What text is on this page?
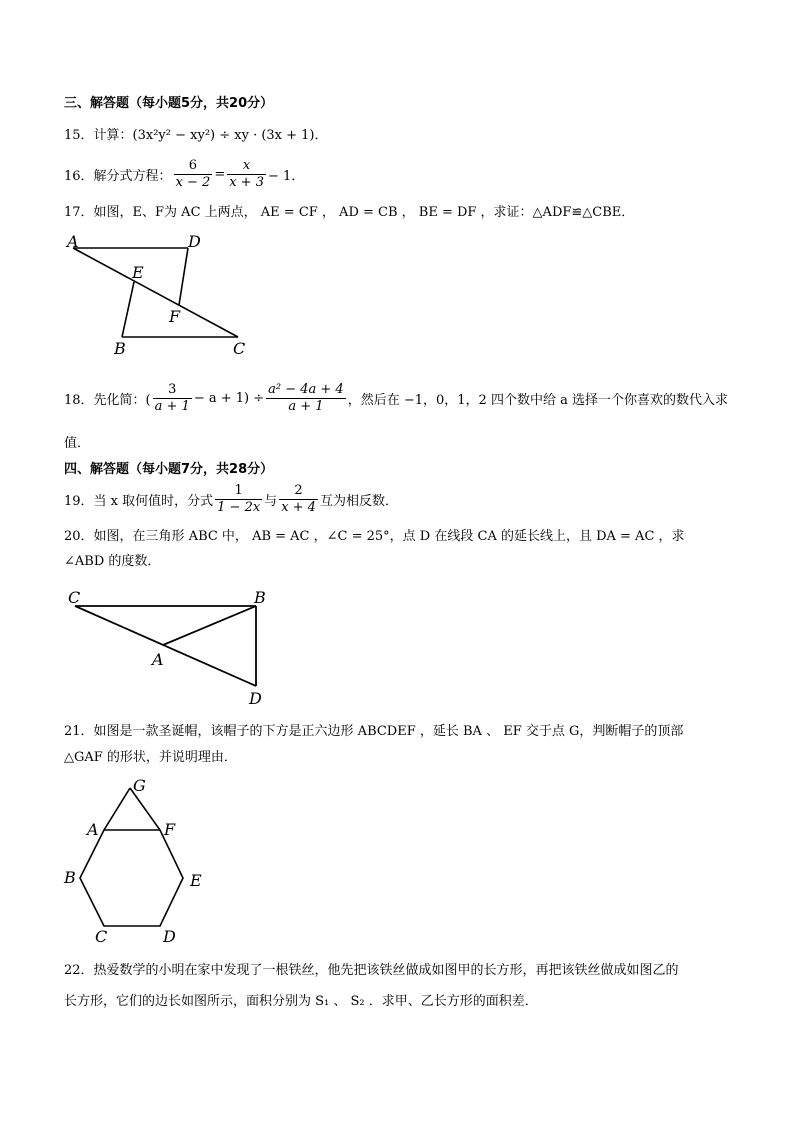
三、解答题（每小题5分，共20分）
15．计算：(3x²y² − xy²) ÷ xy · (3x + 1)．
16．解分式方程： $\frac{6}{x - 2} = \frac{x}{x + 3} - 1$．
17．如图，E、F为 AC 上两点， AE = CF ， AD = CB ， BE = DF ，求证：△ADF≌△CBE．
A	D
E
F
B	C
18．先化简：( $\frac{3}{a + 1} - a + 1) \div \frac{\text{a² − 4a + 4}}{a + 1}$ ，然后在 −1，0，1，2 四个数中给 a 选择一个你喜欢的数代入求
值．
四、解答题（每小题7分，共28分）
19．当 x 取何值时，分式 $\frac{1}{1 - 2x}$ 与 $\frac{2}{x + 4}$ 互为相反数．
20．如图，在三角形 ABC 中， AB = AC ，∠C = 25°，点 D 在线段 CA 的延长线上，且 DA = AC ，求
∠ABD 的度数．
C	B
A
D
21．如图是一款圣诞帽，该帽子的下方是正六边形 ABCDEF ，延长 BA 、 EF 交于点 G，判断帽子的顶部
△GAF 的形状，并说明理由．
G
A	F
B	E
C	D
22．热爱数学的小明在家中发现了一根铁丝，他先把该铁丝做成如图甲的长方形，再把该铁丝做成如图乙的
长方形，它们的边长如图所示，面积分别为 S₁ 、 S₂ ．求甲、乙长方形的面积差．
